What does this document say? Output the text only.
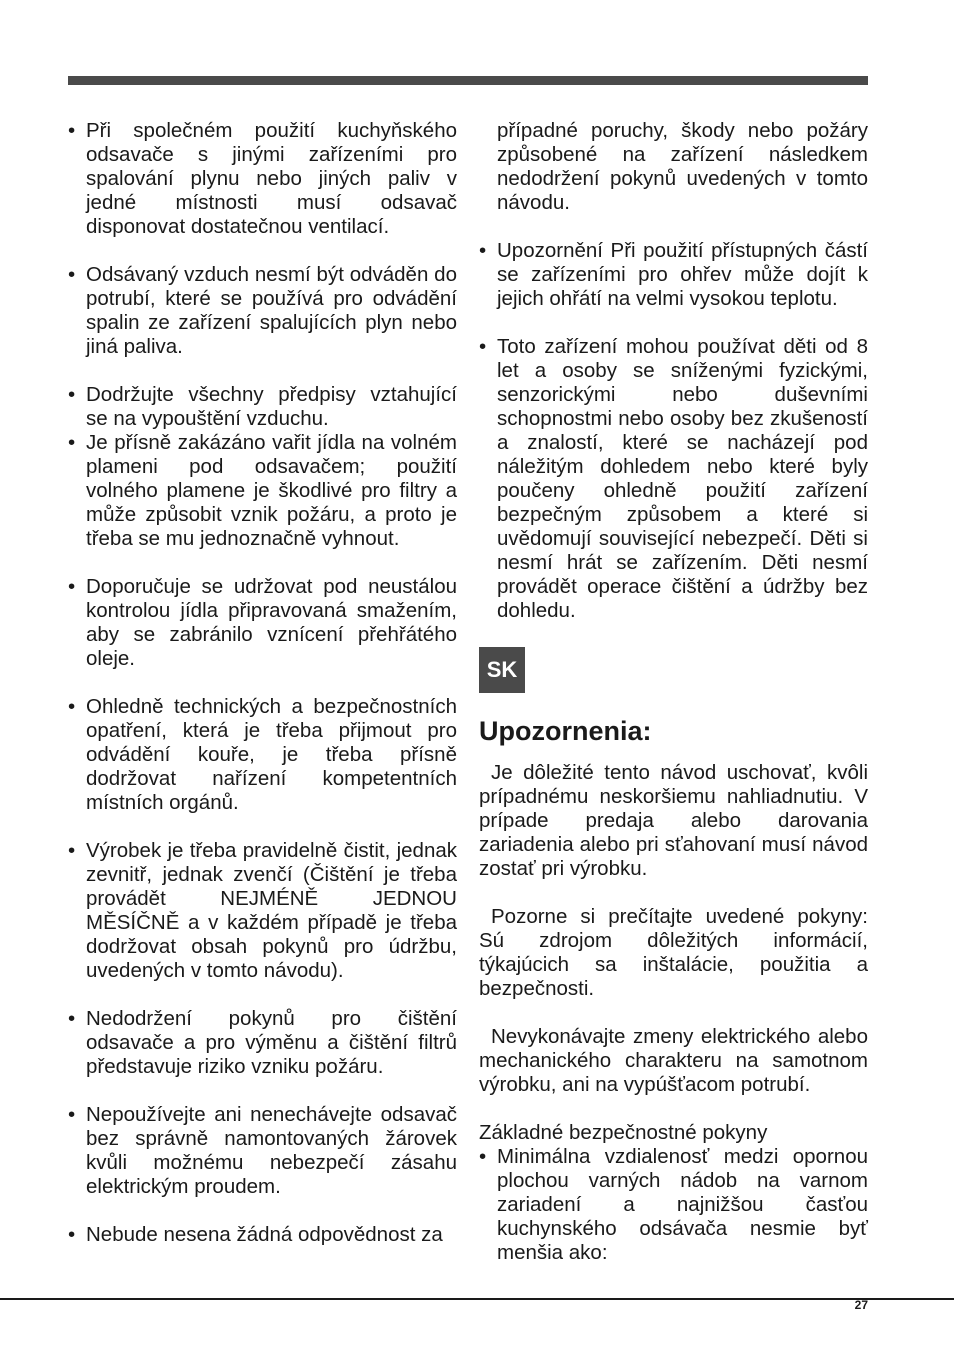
• Při společném použití kuchyňského odsavače s jinými zařízeními pro spalování plynu nebo jiných paliv v jedné místnosti musí odsavač disponovat dostatečnou ventilací.
• Odsávaný vzduch nesmí být odváděn do potrubí, které se používá pro odvádění spalin ze zařízení spalujících plyn nebo jiná paliva.
• Dodržujte všechny předpisy vztahující se na vypouštění vzduchu.
• Je přísně zakázáno vařit jídla na volném plameni pod odsavačem; použití volného plamene je škodlivé pro filtry a může způsobit vznik požáru, a proto je třeba se mu jednoznačně vyhnout.
• Doporučuje se udržovat pod neustálou kontrolou jídla připravovaná smažením, aby se zabránilo vznícení přehřátého oleje.
• Ohledně technických a bezpečnostních opatření, která je třeba přijmout pro odvádění kouře, je třeba přísně dodržovat nařízení kompetentních místních orgánů.
• Výrobek je třeba pravidelně čistit, jednak zevnitř, jednak zvenčí (Čištění je třeba provádět NEJMÉNĚ JEDNOU MĚSÍČNĚ a v každém případě je třeba dodržovat obsah pokynů pro údržbu, uvedených v tomto návodu).
• Nedodržení pokynů pro čištění odsavače a pro výměnu a čištění filtrů představuje riziko vzniku požáru.
• Nepoužívejte ani nenechávejte odsavač bez správně namontovaných žárovek kvůli možnému nebezpečí zásahu elektrickým proudem.
• Nebude nesena žádná odpovědnost za
případné poruchy, škody nebo požáry způsobené na zařízení následkem nedodržení pokynů uvedených v tomto návodu.
• Upozornění Při použití přístupných částí se zařízeními pro ohřev může dojít k jejich ohřátí na velmi vysokou teplotu.
• Toto zařízení mohou používat děti od 8 let a osoby se sníženými fyzickými, senzorickými nebo duševními schopnostmi nebo osoby bez zkušeností a znalostí, které se nacházejí pod náležitým dohledem nebo které byly poučeny ohledně použití zařízení bezpečným způsobem a které si uvědomují související nebezpečí. Děti si nesmí hrát se zařízením. Děti nesmí provádět operace čištění a údržby bez dohledu.
SK
Upozornenia:
Je dôležité tento návod uschovať, kvôli prípadnému neskoršiemu nahliadnutiu. V prípade predaja alebo darovania zariadenia alebo pri sťahovaní musí návod zostať pri výrobku.
Pozorne si prečítajte uvedené pokyny: Sú zdrojom dôležitých informácií, týkajúcich sa inštalácie, použitia a bezpečnosti.
Nevykonávajte zmeny elektrického alebo mechanického charakteru na samotnom výrobku, ani na vypúšťacom potrubí.
Základné bezpečnostné pokyny
• Minimálna vzdialenosť medzi opornou plochou varných nádob na varnom zariadení a najnižšou časťou kuchynského odsávača nesmie byť menšia ako:
27
